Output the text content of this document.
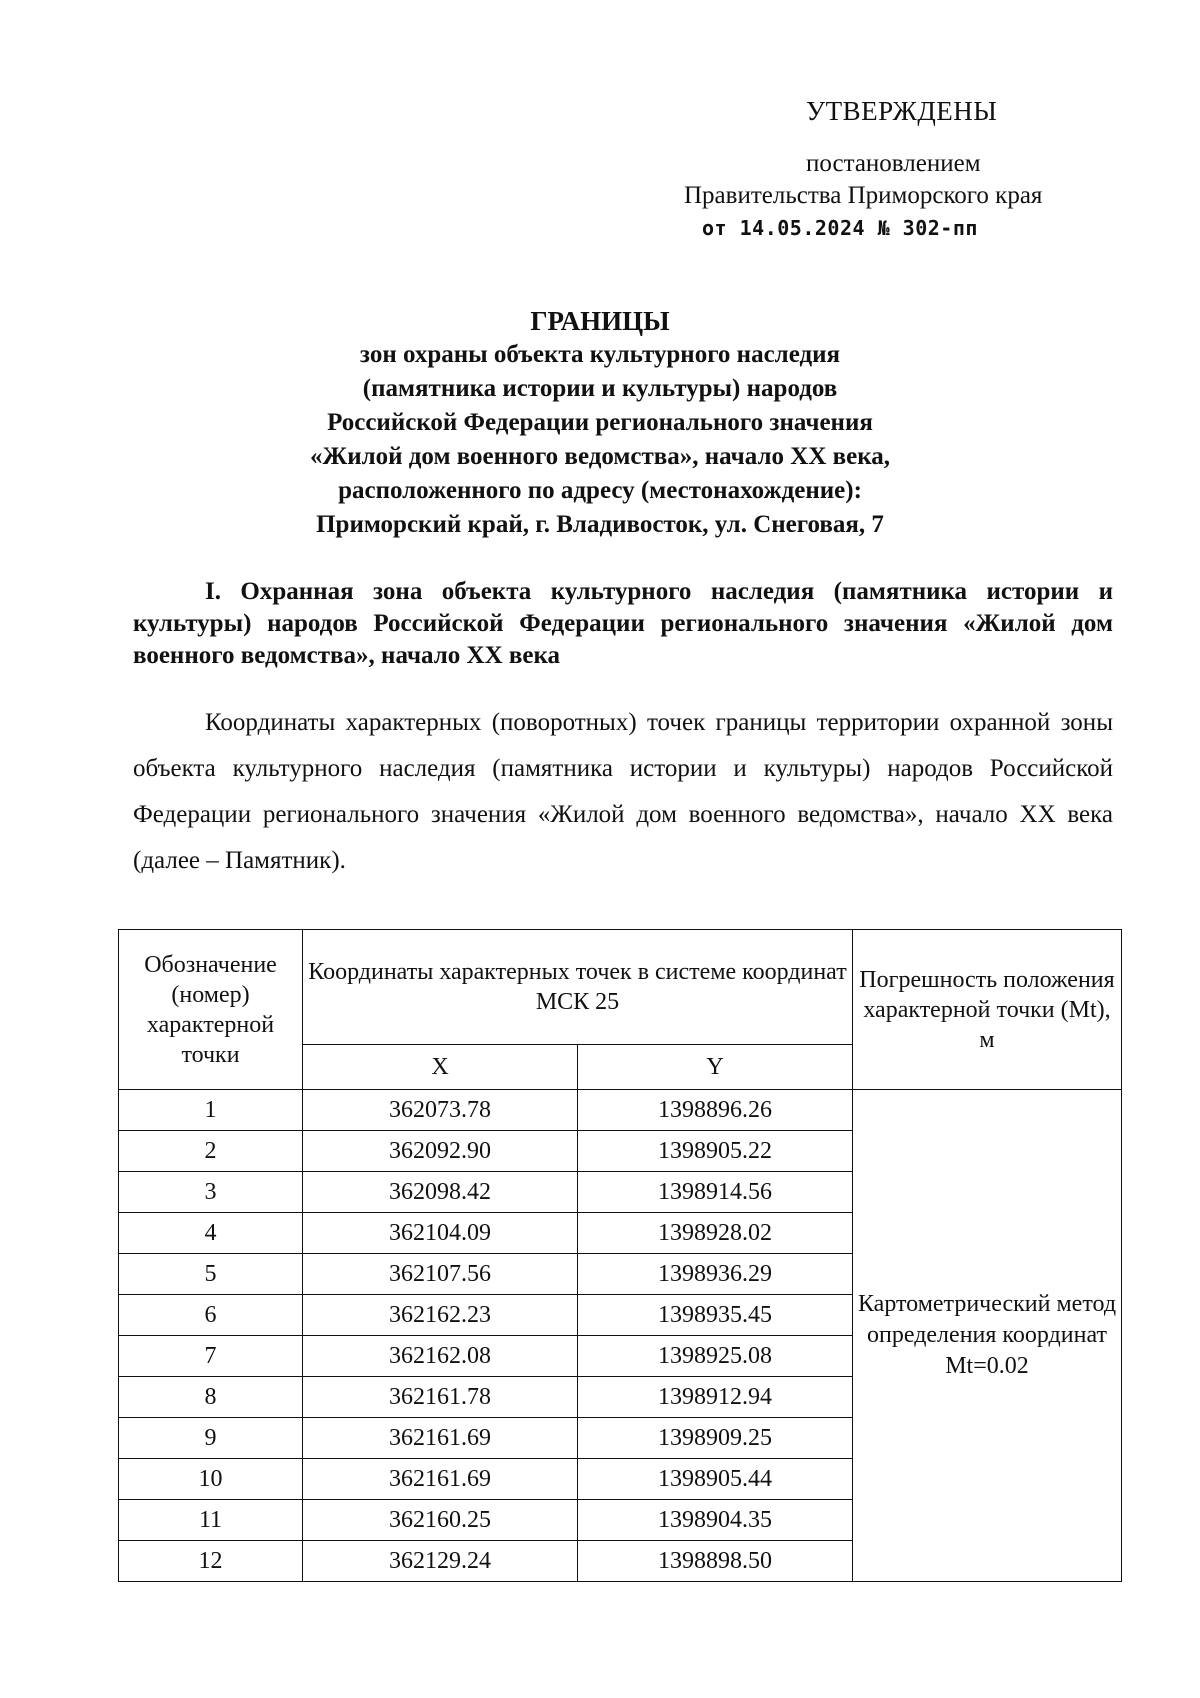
УТВЕРЖДЕНЫ
постановлением
Правительства Приморского края
от 14.05.2024 № 302-пп
ГРАНИЦЫ
зон охраны объекта культурного наследия
(памятника истории и культуры) народов
Российской Федерации регионального значения
«Жилой дом военного ведомства», начало XX века,
расположенного по адресу (местонахождение):
Приморский край, г. Владивосток, ул. Снеговая, 7
I. Охранная зона объекта культурного наследия (памятника истории и культуры) народов Российской Федерации регионального значения «Жилой дом военного ведомства», начало XX века
Координаты характерных (поворотных) точек границы территории охранной зоны объекта культурного наследия (памятника истории и культуры) народов Российской Федерации регионального значения «Жилой дом военного ведомства», начало XX века (далее – Памятник).
Обозначение (номер) характерной точки	Координаты характерных точек в системе координат МСК 25		Погрешность положения характерной точки (Mt), м
	X	Y	
1	362073.78	1398896.26	Картометрический метод определения координат Mt=0.02
2	362092.90	1398905.22	
3	362098.42	1398914.56	
4	362104.09	1398928.02	
5	362107.56	1398936.29	
6	362162.23	1398935.45	
7	362162.08	1398925.08	
8	362161.78	1398912.94	
9	362161.69	1398909.25	
10	362161.69	1398905.44	
11	362160.25	1398904.35	
12	362129.24	1398898.50	
